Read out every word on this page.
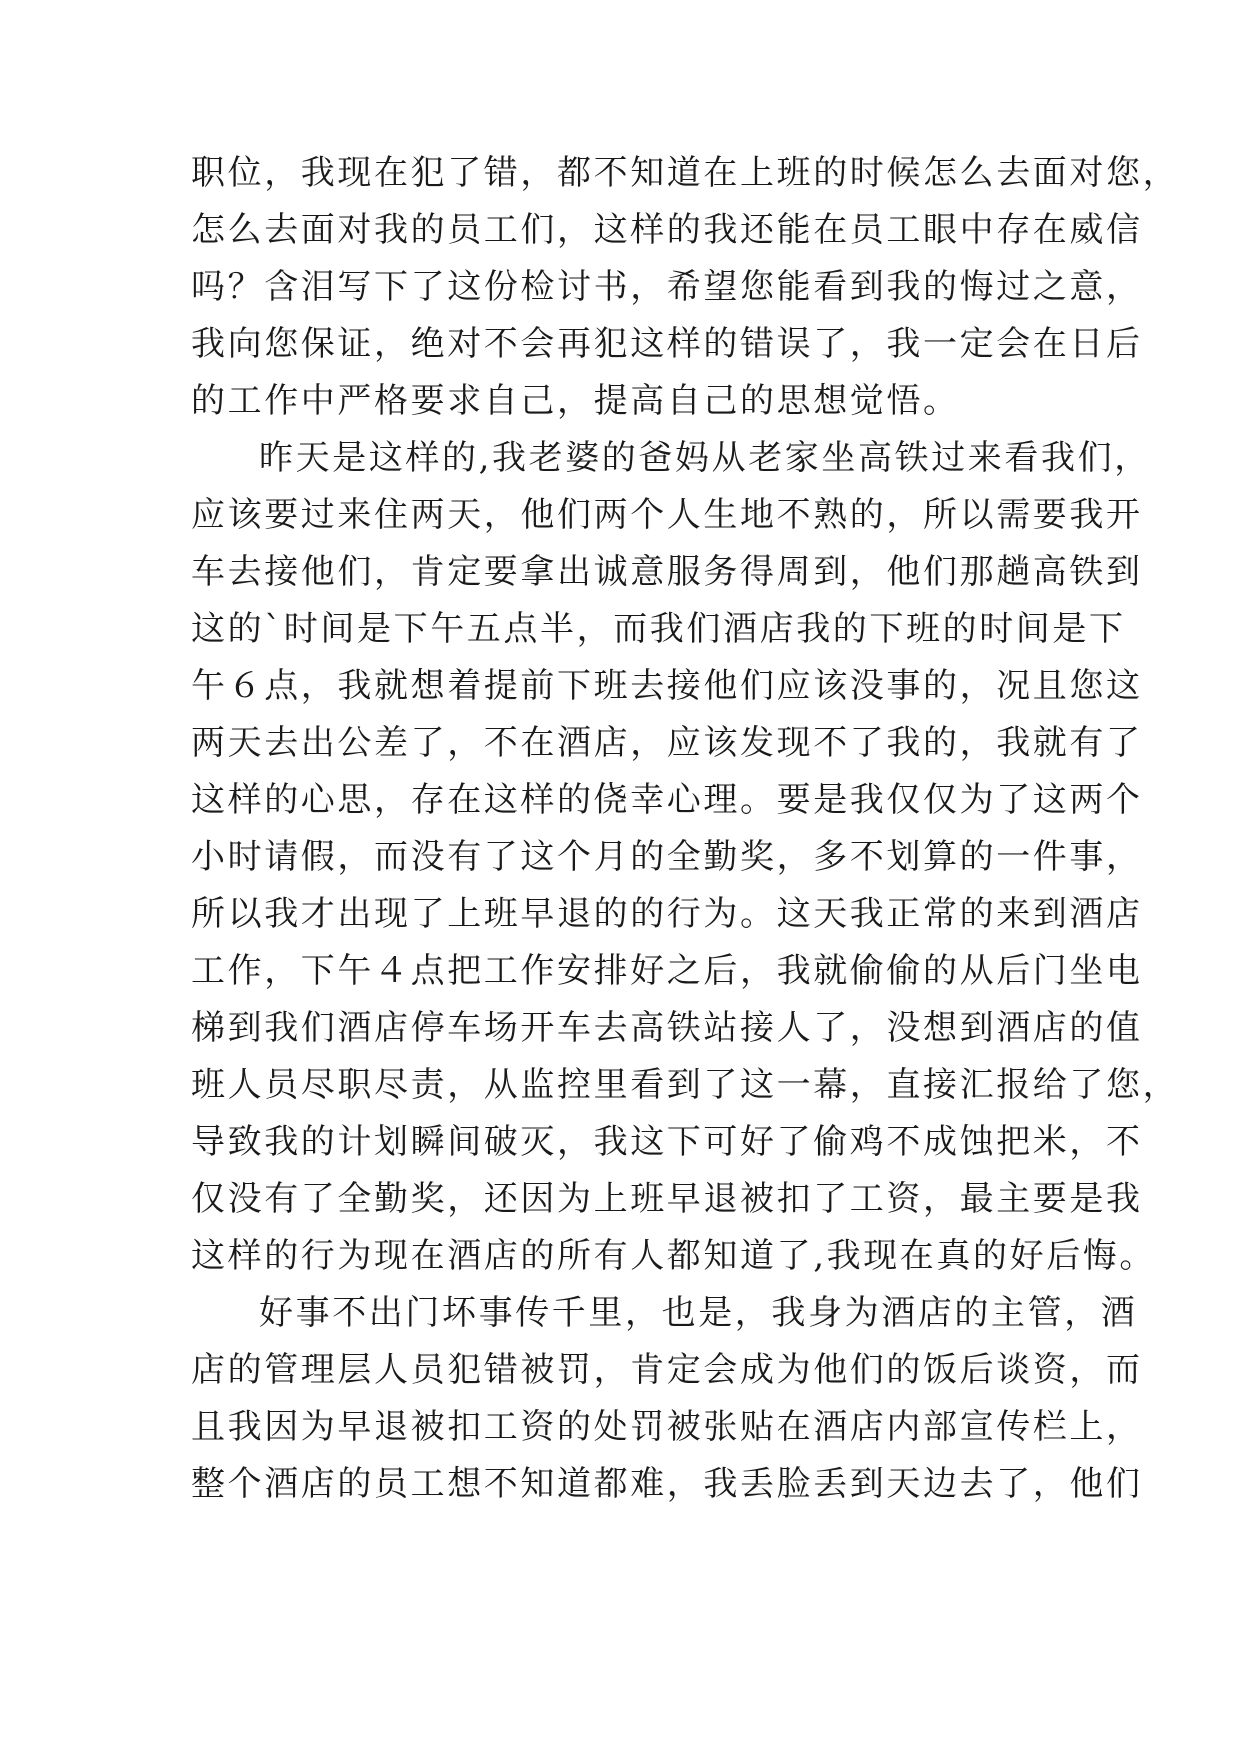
职位，我现在犯了错，都不知道在上班的时候怎么去面对您，
怎么去面对我的员工们，这样的我还能在员工眼中存在威信
吗？含泪写下了这份检讨书，希望您能看到我的悔过之意，
我向您保证，绝对不会再犯这样的错误了，我一定会在日后
的工作中严格要求自己，提高自己的思想觉悟。
昨天是这样的,我老婆的爸妈从老家坐高铁过来看我们，
应该要过来住两天，他们两个人生地不熟的，所以需要我开
车去接他们，肯定要拿出诚意服务得周到，他们那趟高铁到
这的`时间是下午五点半，而我们酒店我的下班的时间是下
午６点，我就想着提前下班去接他们应该没事的，况且您这
两天去出公差了，不在酒店，应该发现不了我的，我就有了
这样的心思，存在这样的侥幸心理。要是我仅仅为了这两个
小时请假，而没有了这个月的全勤奖，多不划算的一件事，
所以我才出现了上班早退的的行为。这天我正常的来到酒店
工作，下午４点把工作安排好之后，我就偷偷的从后门坐电
梯到我们酒店停车场开车去高铁站接人了，没想到酒店的值
班人员尽职尽责，从监控里看到了这一幕，直接汇报给了您，
导致我的计划瞬间破灭，我这下可好了偷鸡不成蚀把米，不
仅没有了全勤奖，还因为上班早退被扣了工资，最主要是我
这样的行为现在酒店的所有人都知道了,我现在真的好后悔。
好事不出门坏事传千里，也是，我身为酒店的主管，酒
店的管理层人员犯错被罚，肯定会成为他们的饭后谈资，而
且我因为早退被扣工资的处罚被张贴在酒店内部宣传栏上，
整个酒店的员工想不知道都难，我丢脸丢到天边去了，他们
